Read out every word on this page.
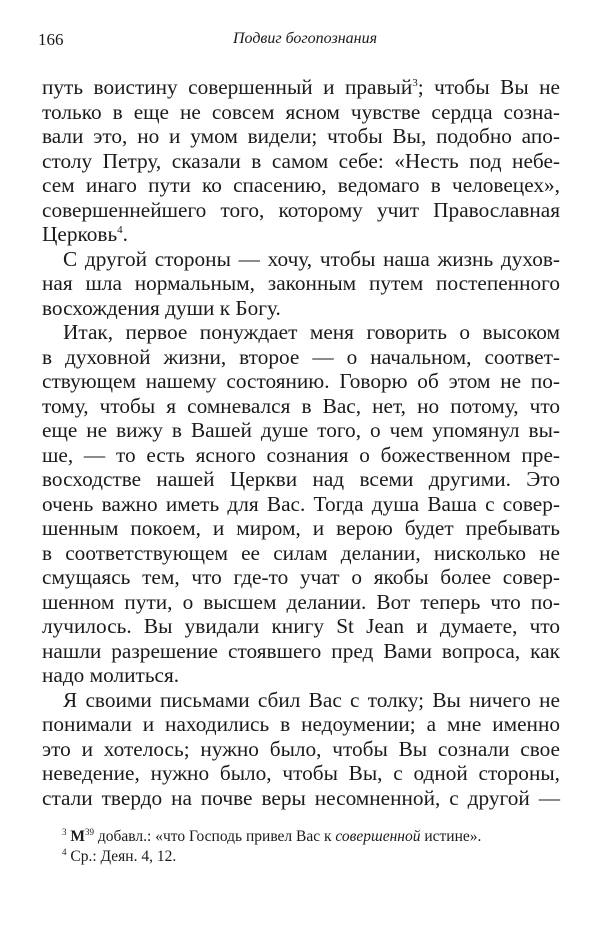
166	Подвиг богопознания
путь воистину совершенный и правый$^3$; чтобы Вы не
только в еще не совсем ясном чувстве сердца созна-
вали это, но и умом видели; чтобы Вы, подобно апо-
столу Петру, сказали в самом себе: «Несть под небе-
сем инаго пути ко спасению, ведомаго в человецех»,
совершеннейшего того, которому учит Православная
Церковь$^4$.
С другой стороны — хочу, чтобы наша жизнь духов-
ная шла нормальным, законным путем постепенного
восхождения души к Богу.
Итак, первое понуждает меня говорить о высоком
в духовной жизни, второе — о начальном, соответ-
ствующем нашему состоянию. Говорю об этом не по-
тому, чтобы я сомневался в Вас, нет, но потому, что
еще не вижу в Вашей душе того, о чем упомянул вы-
ше, — то есть ясного сознания о божественном пре-
восходстве нашей Церкви над всеми другими. Это
очень важно иметь для Вас. Тогда душа Ваша с совер-
шенным покоем, и миром, и верою будет пребывать
в соответствующем ее силам делании, нисколько не
смущаясь тем, что где-то учат о якобы более совер-
шенном пути, о высшем делании. Вот теперь что по-
лучилось. Вы увидали книгу St Jean и думаете, что
нашли разрешение стоявшего пред Вами вопроса, как
надо молиться.
Я своими письмами сбил Вас с толку; Вы ничего не
понимали и находились в недоумении; а мне именно
это и хотелось; нужно было, чтобы Вы сознали свое
неведение, нужно было, чтобы Вы, с одной стороны,
стали твердо на почве веры несомненной, с другой —
$^3$ $M^{39}$ добавл.: «что Господь привел Вас к совершенной истине».
$^4$ Ср.: Деян. 4, 12.
